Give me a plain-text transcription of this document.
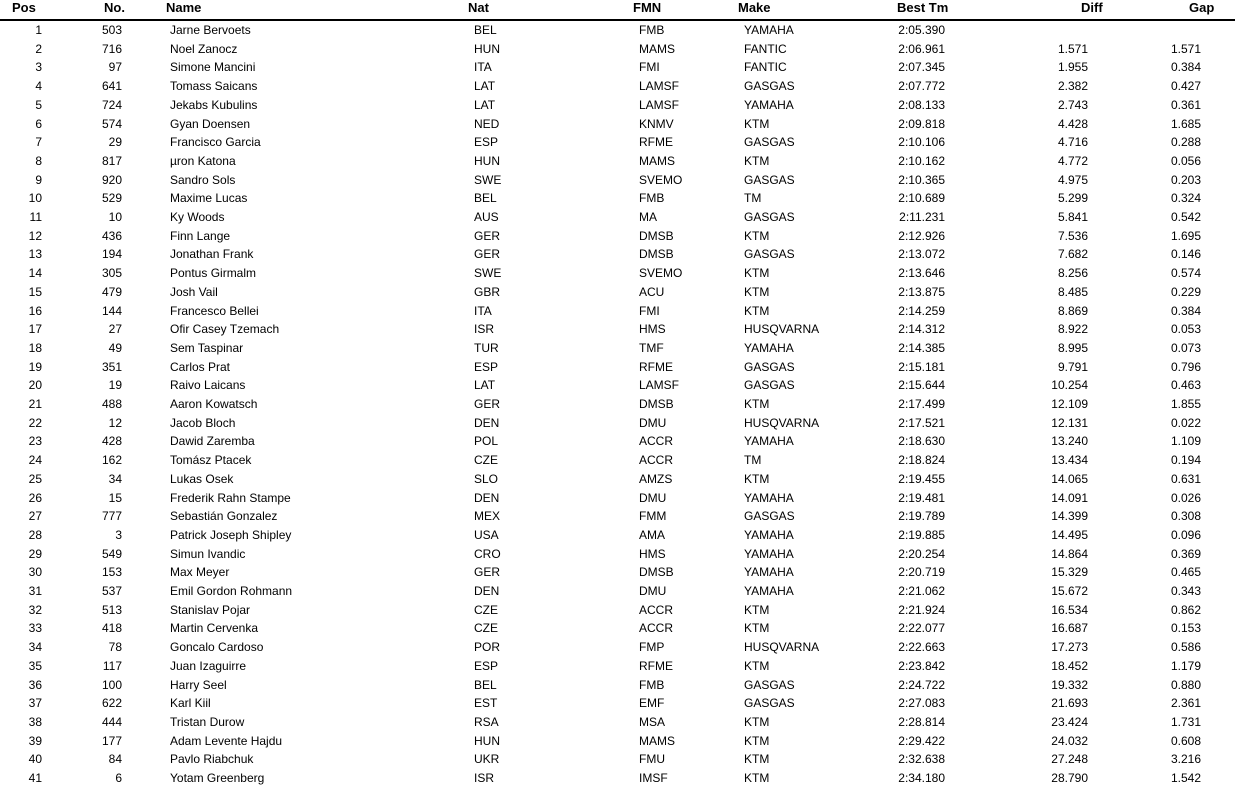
Pos	No.	Name	Nat	FMN	Make	Best Tm	Diff	Gap
1	503	Jarne Bervoets	BEL	FMB	YAMAHA	2:05.390
2	716	Noel Zanocz	HUN	MAMS	FANTIC	2:06.961	1.571	1.571
3	97	Simone Mancini	ITA	FMI	FANTIC	2:07.345	1.955	0.384
4	641	Tomass Saicans	LAT	LAMSF	GASGAS	2:07.772	2.382	0.427
5	724	Jekabs Kubulins	LAT	LAMSF	YAMAHA	2:08.133	2.743	0.361
6	574	Gyan Doensen	NED	KNMV	KTM	2:09.818	4.428	1.685
7	29	Francisco Garcia	ESP	RFME	GASGAS	2:10.106	4.716	0.288
8	817	µron Katona	HUN	MAMS	KTM	2:10.162	4.772	0.056
9	920	Sandro Sols	SWE	SVEMO	GASGAS	2:10.365	4.975	0.203
10	529	Maxime Lucas	BEL	FMB	TM	2:10.689	5.299	0.324
11	10	Ky Woods	AUS	MA	GASGAS	2:11.231	5.841	0.542
12	436	Finn Lange	GER	DMSB	KTM	2:12.926	7.536	1.695
13	194	Jonathan Frank	GER	DMSB	GASGAS	2:13.072	7.682	0.146
14	305	Pontus Girmalm	SWE	SVEMO	KTM	2:13.646	8.256	0.574
15	479	Josh Vail	GBR	ACU	KTM	2:13.875	8.485	0.229
16	144	Francesco Bellei	ITA	FMI	KTM	2:14.259	8.869	0.384
17	27	Ofir Casey Tzemach	ISR	HMS	HUSQVARNA	2:14.312	8.922	0.053
18	49	Sem Taspinar	TUR	TMF	YAMAHA	2:14.385	8.995	0.073
19	351	Carlos Prat	ESP	RFME	GASGAS	2:15.181	9.791	0.796
20	19	Raivo Laicans	LAT	LAMSF	GASGAS	2:15.644	10.254	0.463
21	488	Aaron Kowatsch	GER	DMSB	KTM	2:17.499	12.109	1.855
22	12	Jacob Bloch	DEN	DMU	HUSQVARNA	2:17.521	12.131	0.022
23	428	Dawid Zaremba	POL	ACCR	YAMAHA	2:18.630	13.240	1.109
24	162	Tomász Ptacek	CZE	ACCR	TM	2:18.824	13.434	0.194
25	34	Lukas Osek	SLO	AMZS	KTM	2:19.455	14.065	0.631
26	15	Frederik Rahn Stampe	DEN	DMU	YAMAHA	2:19.481	14.091	0.026
27	777	Sebastián Gonzalez	MEX	FMM	GASGAS	2:19.789	14.399	0.308
28	3	Patrick Joseph Shipley	USA	AMA	YAMAHA	2:19.885	14.495	0.096
29	549	Simun Ivandic	CRO	HMS	YAMAHA	2:20.254	14.864	0.369
30	153	Max Meyer	GER	DMSB	YAMAHA	2:20.719	15.329	0.465
31	537	Emil Gordon Rohmann	DEN	DMU	YAMAHA	2:21.062	15.672	0.343
32	513	Stanislav Pojar	CZE	ACCR	KTM	2:21.924	16.534	0.862
33	418	Martin Cervenka	CZE	ACCR	KTM	2:22.077	16.687	0.153
34	78	Goncalo Cardoso	POR	FMP	HUSQVARNA	2:22.663	17.273	0.586
35	117	Juan Izaguirre	ESP	RFME	KTM	2:23.842	18.452	1.179
36	100	Harry Seel	BEL	FMB	GASGAS	2:24.722	19.332	0.880
37	622	Karl Kiil	EST	EMF	GASGAS	2:27.083	21.693	2.361
38	444	Tristan Durow	RSA	MSA	KTM	2:28.814	23.424	1.731
39	177	Adam Levente Hajdu	HUN	MAMS	KTM	2:29.422	24.032	0.608
40	84	Pavlo Riabchuk	UKR	FMU	KTM	2:32.638	27.248	3.216
41	6	Yotam Greenberg	ISR	IMSF	KTM	2:34.180	28.790	1.542
